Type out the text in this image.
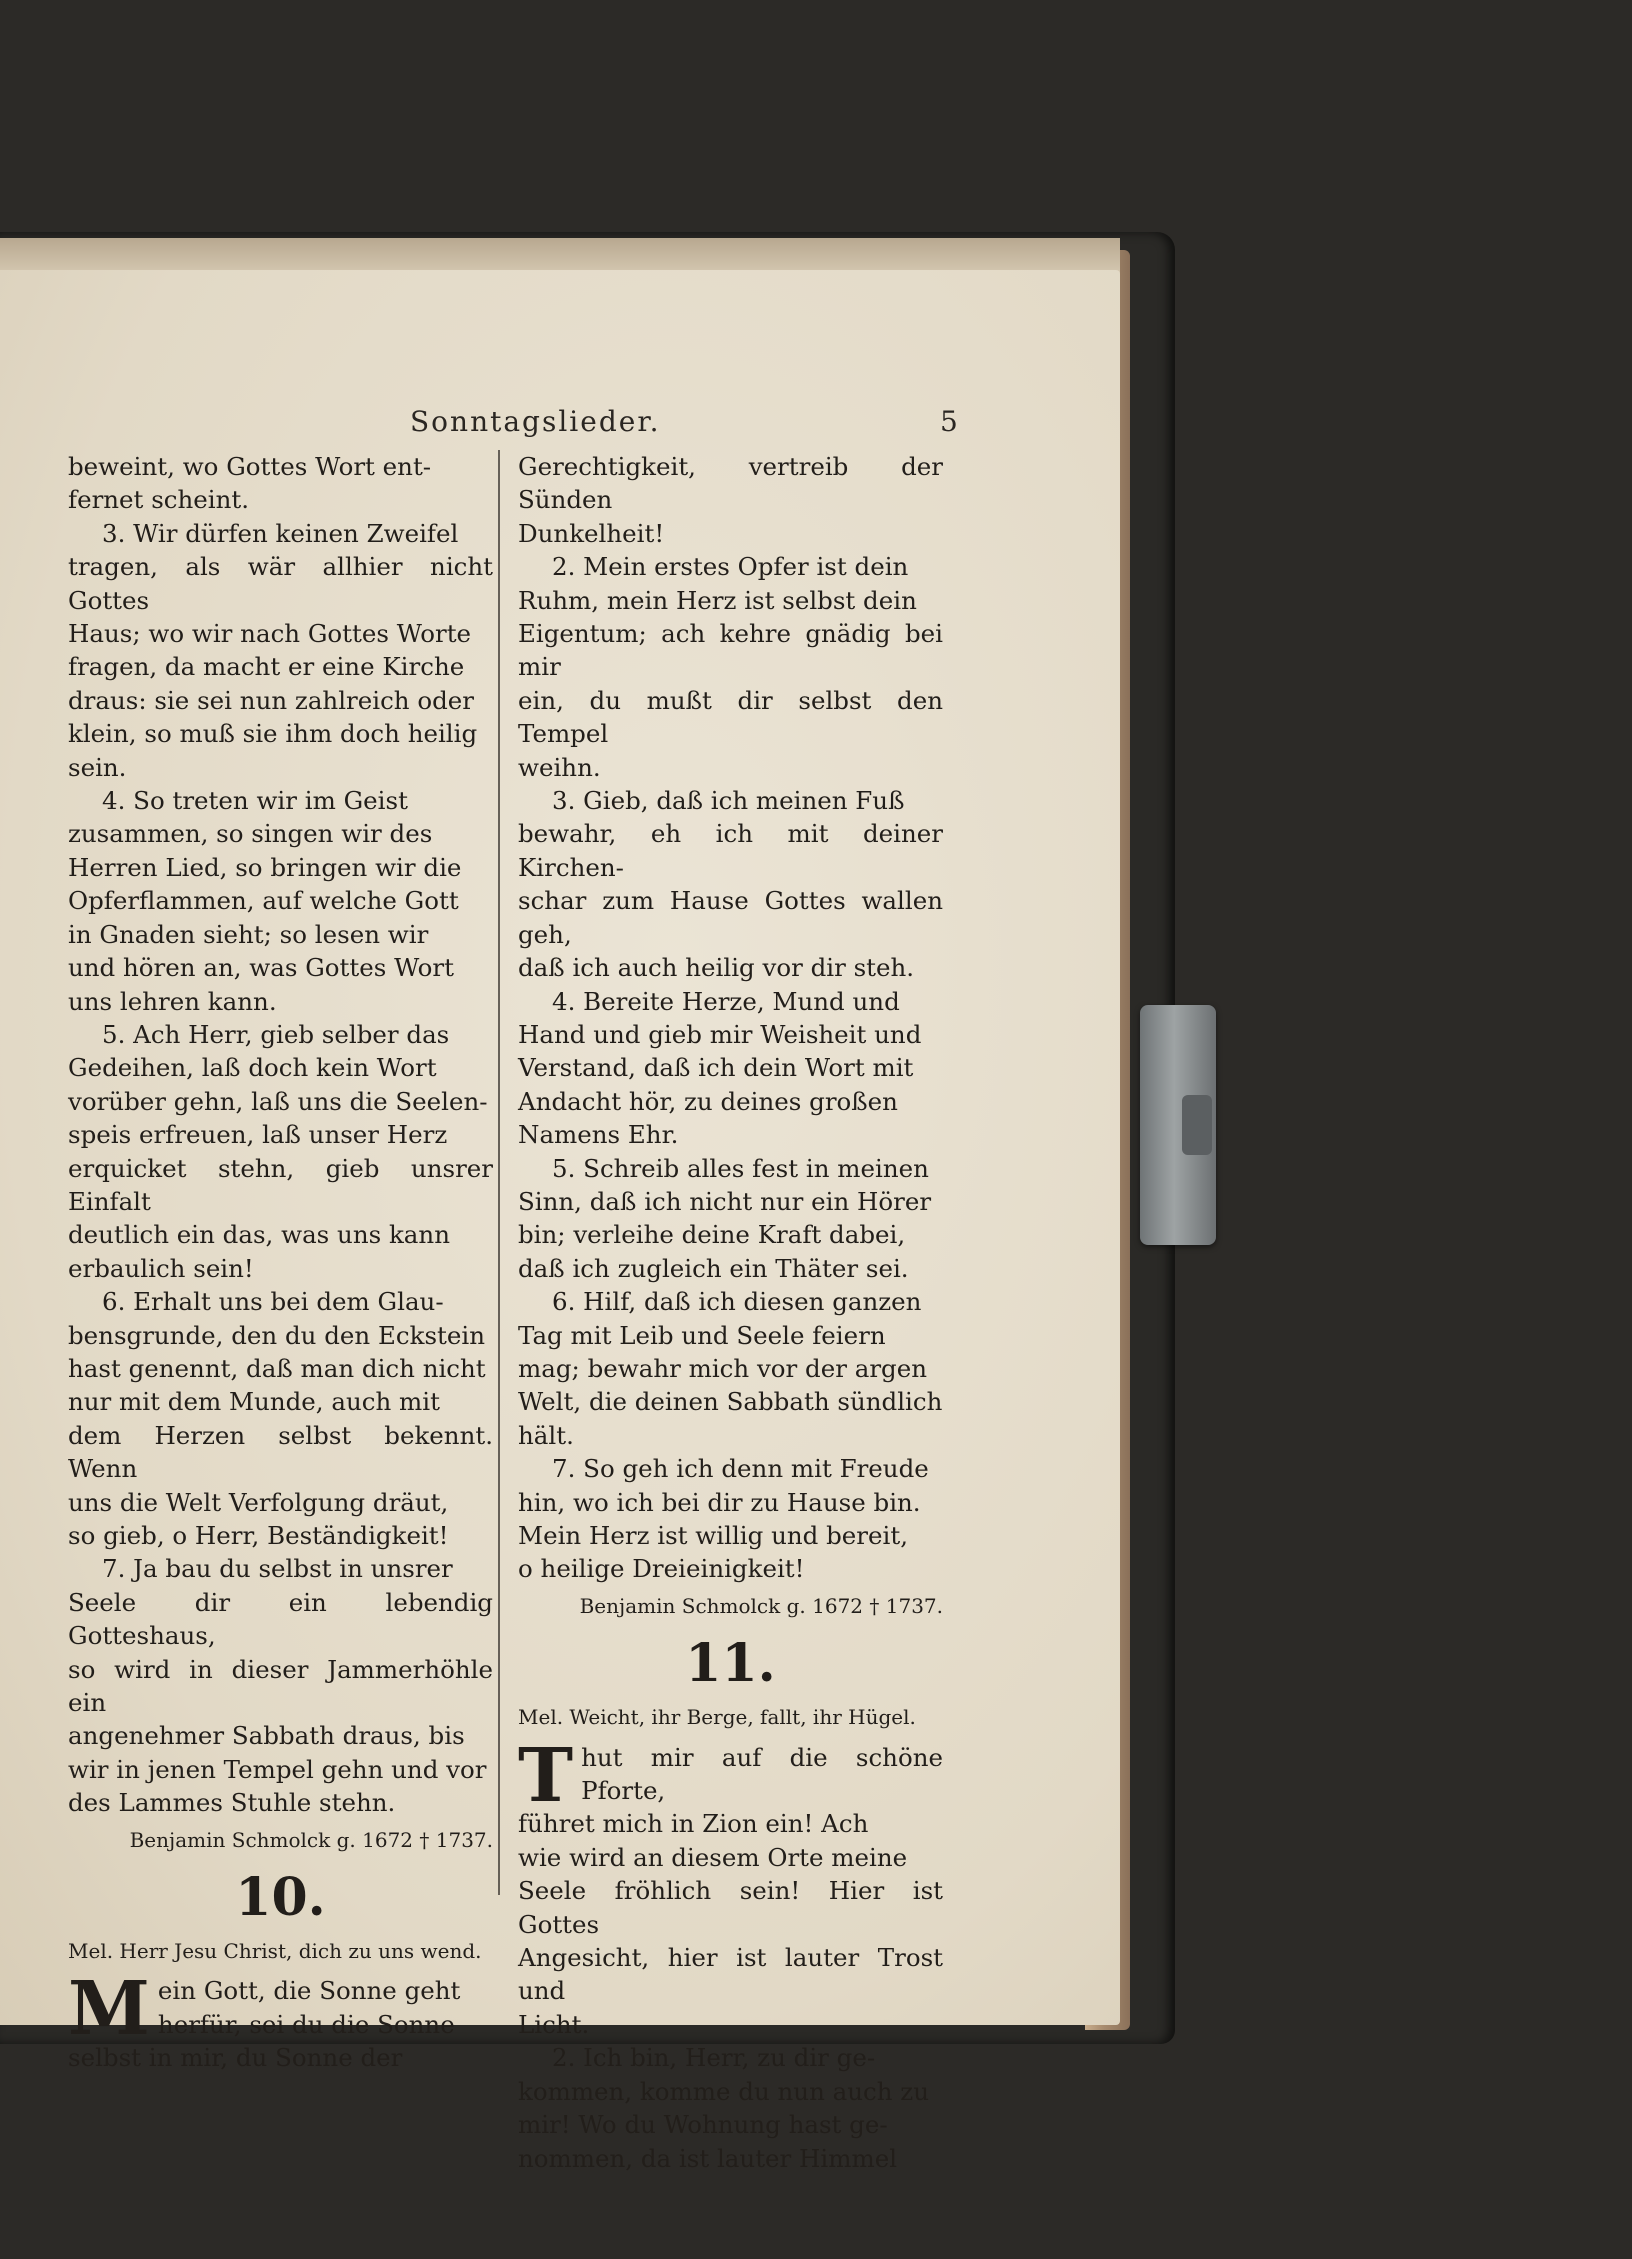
Sonntagslieder.	5

beweint, wo Gottes Wort ent-

fernet scheint.

3. Wir dürfen keinen Zweifel

tragen, als wär allhier nicht Gottes

Haus; wo wir nach Gottes Worte

fragen, da macht er eine Kirche

draus: sie sei nun zahlreich oder

klein, so muß sie ihm doch heilig

sein.

4. So treten wir im Geist

zusammen, so singen wir des

Herren Lied, so bringen wir die

Opferflammen, auf welche Gott

in Gnaden sieht; so lesen wir

und hören an, was Gottes Wort

uns lehren kann.

5. Ach Herr, gieb selber das

Gedeihen, laß doch kein Wort

vorüber gehn, laß uns die Seelen-

speis erfreuen, laß unser Herz

erquicket stehn, gieb unsrer Einfalt

deutlich ein das, was uns kann

erbaulich sein!

6. Erhalt uns bei dem Glau-

bensgrunde, den du den Eckstein

hast genennt, daß man dich nicht

nur mit dem Munde, auch mit

dem Herzen selbst bekennt. Wenn

uns die Welt Verfolgung dräut,

so gieb, o Herr, Beständigkeit!

7. Ja bau du selbst in unsrer

Seele dir ein lebendig Gotteshaus,

so wird in dieser Jammerhöhle ein

angenehmer Sabbath draus, bis

wir in jenen Tempel gehn und vor

des Lammes Stuhle stehn.

Benjamin Schmolck g. 1672 † 1737.

10.

Mel. Herr Jesu Christ, dich zu uns wend.

M ein Gott, die Sonne geht

herfür, sei du die Sonne

selbst in mir, du Sonne der

Gerechtigkeit, vertreib der Sünden

Dunkelheit!

2. Mein erstes Opfer ist dein

Ruhm, mein Herz ist selbst dein

Eigentum; ach kehre gnädig bei mir

ein, du mußt dir selbst den Tempel

weihn.

3. Gieb, daß ich meinen Fuß

bewahr, eh ich mit deiner Kirchen-

schar zum Hause Gottes wallen geh,

daß ich auch heilig vor dir steh.

4. Bereite Herze, Mund und

Hand und gieb mir Weisheit und

Verstand, daß ich dein Wort mit

Andacht hör, zu deines großen

Namens Ehr.

5. Schreib alles fest in meinen

Sinn, daß ich nicht nur ein Hörer

bin; verleihe deine Kraft dabei,

daß ich zugleich ein Thäter sei.

6. Hilf, daß ich diesen ganzen

Tag mit Leib und Seele feiern

mag; bewahr mich vor der argen

Welt, die deinen Sabbath sündlich

hält.

7. So geh ich denn mit Freude

hin, wo ich bei dir zu Hause bin.

Mein Herz ist willig und bereit,

o heilige Dreieinigkeit!

Benjamin Schmolck g. 1672 † 1737.

11.

Mel. Weicht, ihr Berge, fallt, ihr Hügel.

T hut mir auf die schöne Pforte,

führet mich in Zion ein! Ach

wie wird an diesem Orte meine

Seele fröhlich sein! Hier ist Gottes

Angesicht, hier ist lauter Trost und

Licht.

2. Ich bin, Herr, zu dir ge-

kommen, komme du nun auch zu

mir! Wo du Wohnung hast ge-

nommen, da ist lauter Himmel
